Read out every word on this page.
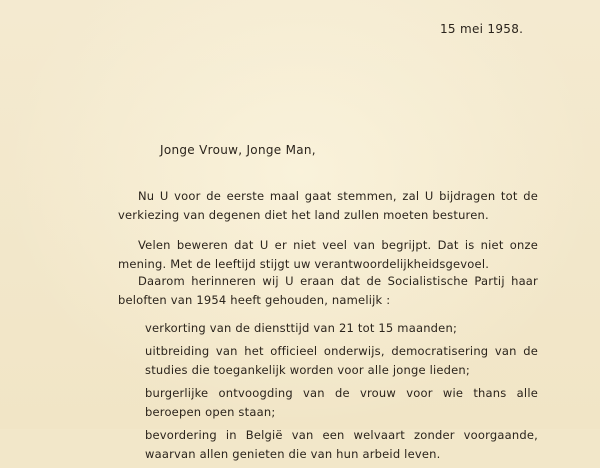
15 mei 1958.
Jonge Vrouw, Jonge Man,
Nu U voor de eerste maal gaat stemmen, zal U bijdragen tot de verkiezing van degenen diet het land zullen moeten besturen.
Velen beweren dat U er niet veel van begrijpt. Dat is niet onze mening. Met de leeftijd stijgt uw verantwoordelijkheidsgevoel.
Daarom herinneren wij U eraan dat de Socialistische Partij haar beloften van 1954 heeft gehouden, namelijk :
verkorting van de diensttijd van 21 tot 15 maanden;
uitbreiding van het officieel onderwijs, democratisering van de studies die toegankelijk worden voor alle jonge lieden;
burgerlijke ontvoogding van de vrouw voor wie thans alle beroepen open staan;
bevordering in België van een welvaart zonder voorgaande, waarvan allen genieten die van hun arbeid leven.
